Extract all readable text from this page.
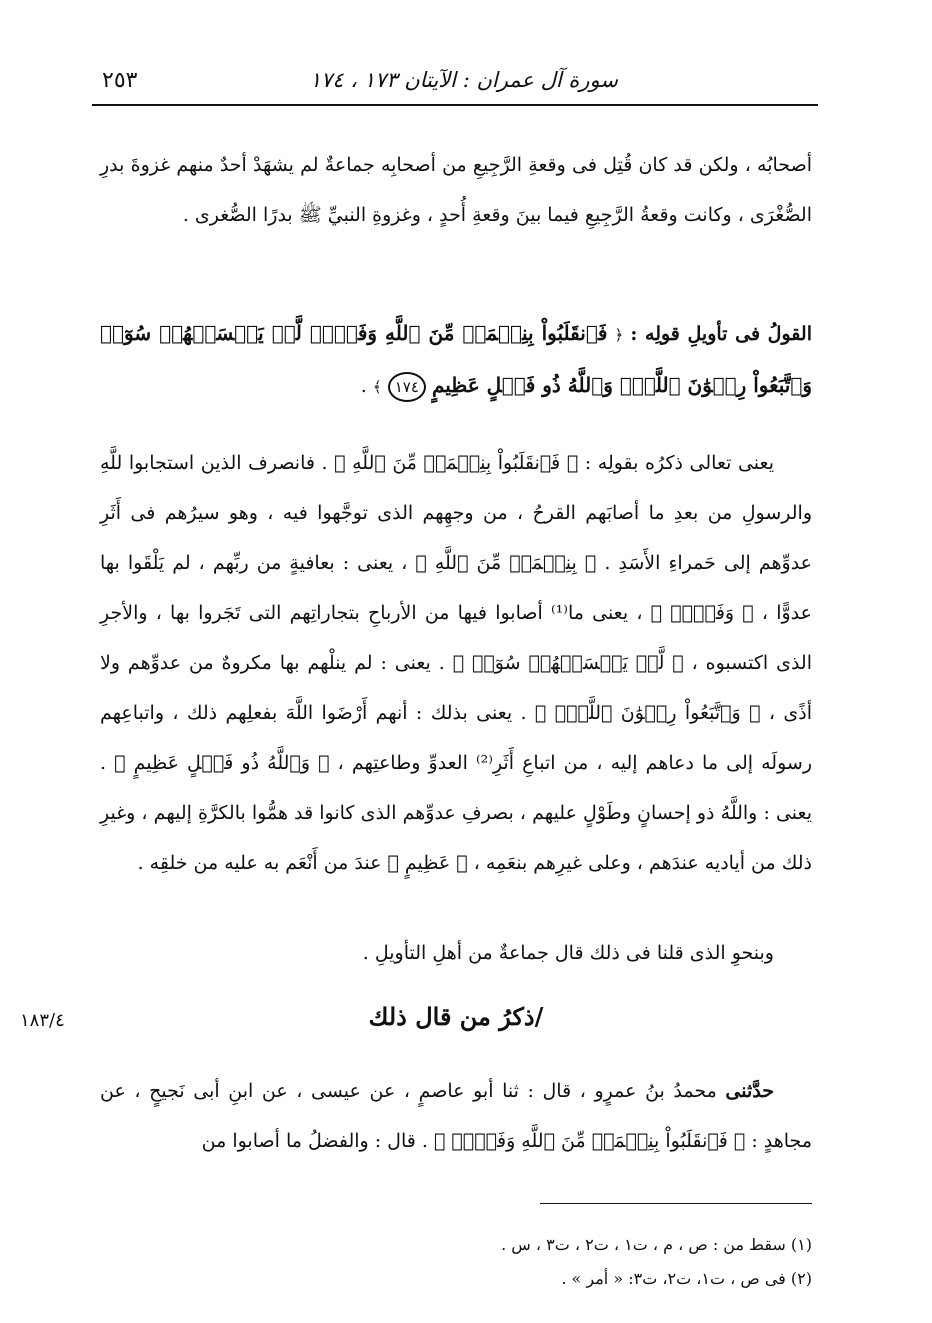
سورة آل عمران : الآيتان ١٧٣ ، ١٧٤
٢٥٣

أصحابُه ، ولكن قد كان قُتِل فى وقعةِ الرَّجِيعِ من أصحابِه جماعةٌ لم يشهَدْ أحدٌ منهم غزوةَ بدرِ الصُّغْرَى ، وكانت وقعةُ الرَّجِيعِ فيما بينَ وقعةِ أُحدٍ ، وغزوةِ النبيِّ ﷺ بدرًا الصُّغرى .

القولُ فى تأويلِ قولِه : ﴿ فَٱنقَلَبُواْ بِنِعۡمَةٖ مِّنَ ٱللَّهِ وَفَضۡلٖ لَّمۡ يَمۡسَسۡهُمۡ سُوٓءٞ وَٱتَّبَعُواْ رِضۡوَٰنَ ٱللَّهِۗ وَٱللَّهُ ذُو فَضۡلٍ عَظِيمٍ ١٧٤ ﴾ .

يعنى تعالى ذكرُه بقولِه : ﴿ فَٱنقَلَبُواْ بِنِعۡمَةٖ مِّنَ ٱللَّهِ ﴾ . فانصرف الذين استجابوا للَّهِ والرسولِ من بعدِ ما أصابَهم القرحُ ، من وجهِهم الذى توجَّهوا فيه ، وهو سيرُهم فى أَثَرِ عدوِّهم إلى حَمراءِ الأَسَدِ . ﴿ بِنِعۡمَةٖ مِّنَ ٱللَّهِ ﴾ ، يعنى : بعافيةٍ من ربِّهم ، لم يَلْقَوا بها عدوًّا ، ﴿ وَفَضۡلٖ ﴾ ، يعنى ما⁽¹⁾ أصابوا فيها من الأرباحِ بتجاراتِهم التى تَجَروا بها ، والأجرِ الذى اكتسبوه ، ﴿ لَّمۡ يَمۡسَسۡهُمۡ سُوٓءٞ ﴾ . يعنى : لم ينلْهم بها مكروهٌ من عدوِّهم ولا أذًى ، ﴿ وَٱتَّبَعُواْ رِضۡوَٰنَ ٱللَّهِۗ ﴾ . يعنى بذلك : أنهم أَرْضَوا اللَّهَ بفعلِهم ذلك ، واتباعِهم رسولَه إلى ما دعاهم إليه ، من اتباعِ أَثَرِ⁽²⁾ العدوِّ وطاعتِهم ، ﴿ وَٱللَّهُ ذُو فَضۡلٍ عَظِيمٍ ﴾ . يعنى : واللَّهُ ذو إحسانٍ وطَوْلٍ عليهم ، بصرفِ عدوِّهم الذى كانوا قد همُّوا بالكرَّةِ إليهم ، وغيرِ ذلك من أياديه عندَهم ، وعلى غيرِهم بنعَمِه ، ﴿ عَظِيمٍ ﴾ عندَ من أَنْعَم به عليه من خلقِه .

وبنحوِ الذى قلنا فى ذلك قال جماعةٌ من أهلِ التأويلِ .

١٨٣/٤	/ذكرُ من قال ذلك

حدَّثنى محمدُ بنُ عمرٍو ، قال : ثنا أبو عاصمٍ ، عن عيسى ، عن ابنِ أبى نَجيحٍ ، عن مجاهدٍ : ﴿ فَٱنقَلَبُواْ بِنِعۡمَةٖ مِّنَ ٱللَّهِ وَفَضۡلٖ ﴾ . قال : والفضلُ ما أصابوا من

(١) سقط من : ص ، م ، ت١ ، ت٢ ، ت٣ ، س .
(٢) فى ص ، ت١، ت٢، ت٣: « أمر » .
